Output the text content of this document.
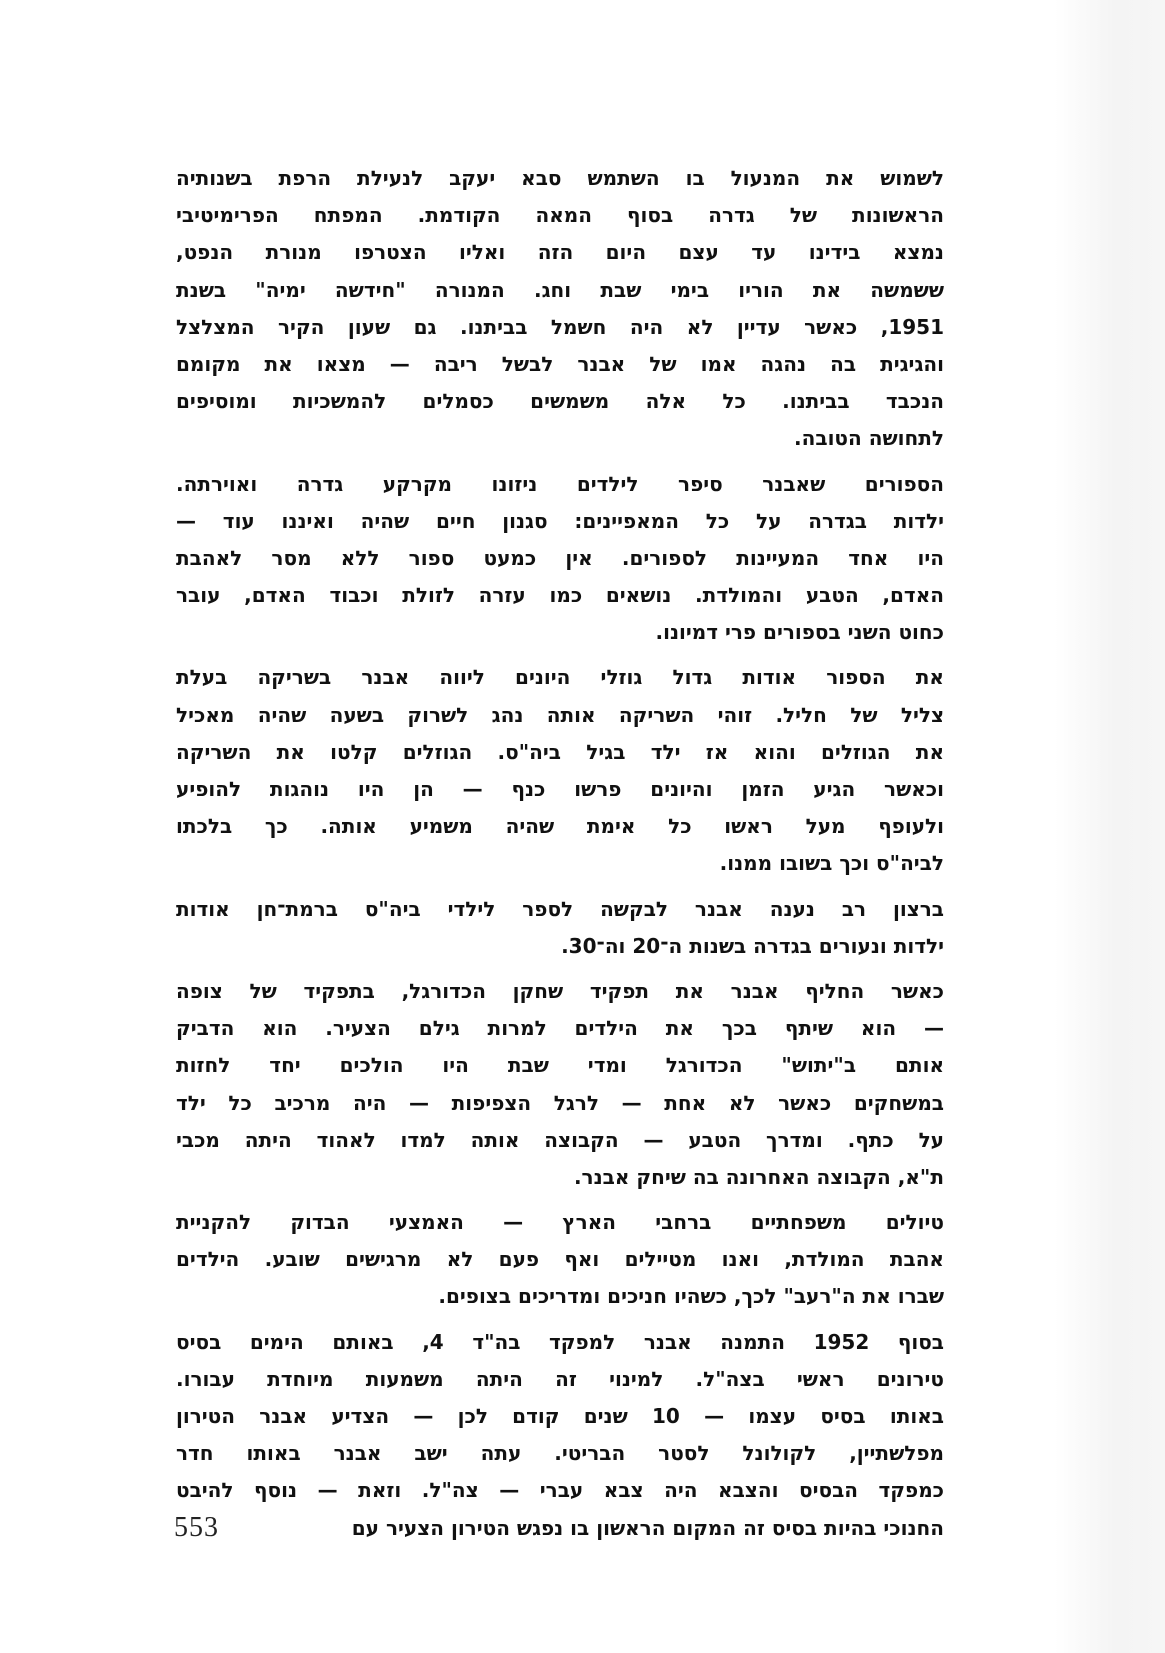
לשמוש את המנעול בו השתמש סבא יעקב לנעילת הרפת בשנותיה
הראשונות של גדרה בסוף המאה הקודמת. המפתח הפרימיטיבי
נמצא בידינו עד עצם היום הזה ואליו הצטרפו מנורת הנפט,
ששמשה את הוריו בימי שבת וחג. המנורה "חידשה ימיה" בשנת
1951, כאשר עדיין לא היה חשמל בביתנו. גם שעון הקיר המצלצל
והגיגית בה נהגה אמו של אבנר לבשל ריבה — מצאו את מקומם
הנכבד בביתנו. כל אלה משמשים כסמלים להמשכיות ומוסיפים
לתחושה הטובה.
הספורים שאבנר סיפר לילדים ניזונו מקרקע גדרה ואוירתה.
ילדות בגדרה על כל המאפיינים: סגנון חיים שהיה ואיננו עוד —
היו אחד המעיינות לספורים. אין כמעט ספור ללא מסר לאהבת
האדם, הטבע והמולדת. נושאים כמו עזרה לזולת וכבוד האדם, עובר
כחוט השני בספורים פרי דמיונו.
את הספור אודות גדול גוזלי היונים ליווה אבנר בשריקה בעלת
צליל של חליל. זוהי השריקה אותה נהג לשרוק בשעה שהיה מאכיל
את הגוזלים והוא אז ילד בגיל ביה"ס. הגוזלים קלטו את השריקה
וכאשר הגיע הזמן והיונים פרשו כנף — הן היו נוהגות להופיע
ולעופף מעל ראשו כל אימת שהיה משמיע אותה. כך בלכתו
לביה"ס וכך בשובו ממנו.
ברצון רב נענה אבנר לבקשה לספר לילדי ביה"ס ברמת־חן אודות
ילדות ונעורים בגדרה בשנות ה־20 וה־30.
כאשר החליף אבנר את תפקיד שחקן הכדורגל, בתפקיד של צופה
— הוא שיתף בכך את הילדים למרות גילם הצעיר. הוא הדביק
אותם ב"יתוש" הכדורגל ומדי שבת היו הולכים יחד לחזות
במשחקים כאשר לא אחת — לרגל הצפיפות — היה מרכיב כל ילד
על כתף. ומדרך הטבע — הקבוצה אותה למדו לאהוד היתה מכבי
ת"א, הקבוצה האחרונה בה שיחק אבנר.
טיולים משפחתיים ברחבי הארץ — האמצעי הבדוק להקניית
אהבת המולדת, ואנו מטיילים ואף פעם לא מרגישים שובע. הילדים
שברו את ה"רעב" לכך, כשהיו חניכים ומדריכים בצופים.
בסוף 1952 התמנה אבנר למפקד בה"ד 4, באותם הימים בסיס
טירונים ראשי בצה"ל. למינוי זה היתה משמעות מיוחדת עבורו.
באותו בסיס עצמו — 10 שנים קודם לכן — הצדיע אבנר הטירון
מפלשתיין, לקולונל לסטר הבריטי. עתה ישב אבנר באותו חדר
כמפקד הבסיס והצבא היה צבא עברי — צה"ל. וזאת — נוסף להיבט
החנוכי בהיות בסיס זה המקום הראשון בו נפגש הטירון הצעיר עם
553
